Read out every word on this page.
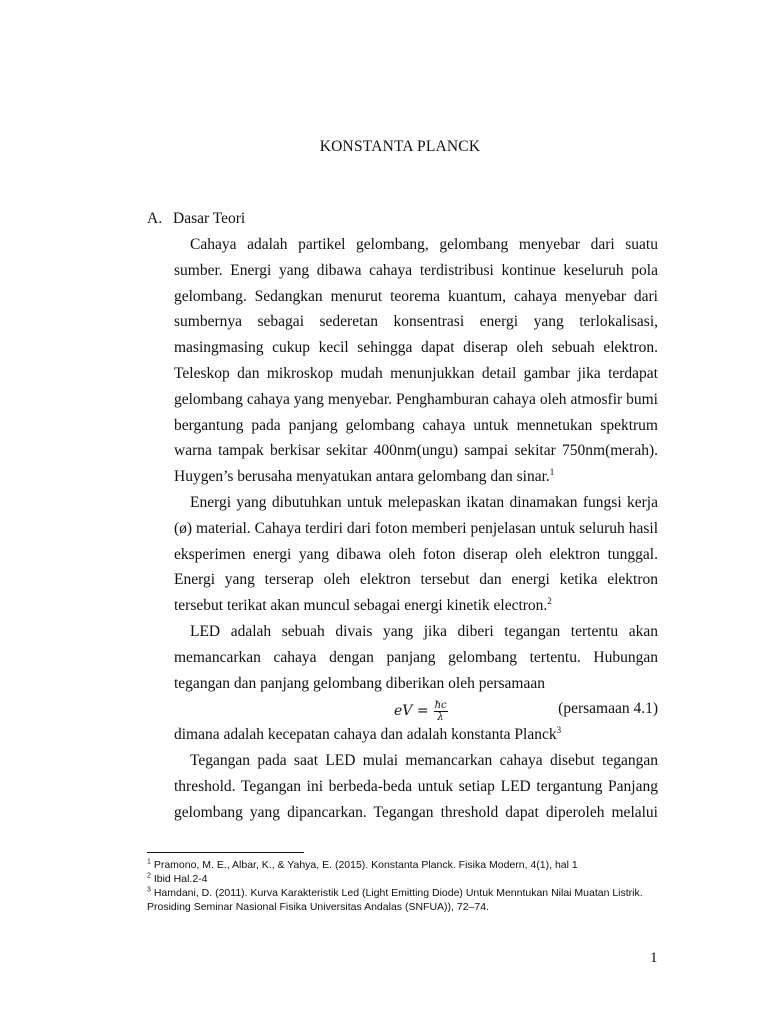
KONSTANTA PLANCK
A. Dasar Teori

Cahaya adalah partikel gelombang, gelombang menyebar dari suatu sumber. Energi yang dibawa cahaya terdistribusi kontinue keseluruh pola gelombang. Sedangkan menurut teorema kuantum, cahaya menyebar dari sumbernya sebagai sederetan konsentrasi energi yang terlokalisasi, masingmasing cukup kecil sehingga dapat diserap oleh sebuah elektron. Teleskop dan mikroskop mudah menunjukkan detail gambar jika terdapat gelombang cahaya yang menyebar. Penghamburan cahaya oleh atmosfir bumi bergantung pada panjang gelombang cahaya untuk mennetukan spektrum warna tampak berkisar sekitar 400nm(ungu) sampai sekitar 750nm(merah). Huygen’s berusaha menyatukan antara gelombang dan sinar.$^1$

Energi yang dibutuhkan untuk melepaskan ikatan dinamakan fungsi kerja (ø) material. Cahaya terdiri dari foton memberi penjelasan untuk seluruh hasil eksperimen energi yang dibawa oleh foton diserap oleh elektron tunggal. Energi yang terserap oleh elektron tersebut dan energi ketika elektron tersebut terikat akan muncul sebagai energi kinetik electron.$^2$

LED adalah sebuah divais yang jika diberi tegangan tertentu akan memancarkan cahaya dengan panjang gelombang tertentu. Hubungan tegangan dan panjang gelombang diberikan oleh persamaan

eV = $\frac{ħc}{\lambda}$	(persamaan 4.1)

dimana adalah kecepatan cahaya dan adalah konstanta Planck$^3$

Tegangan pada saat LED mulai memancarkan cahaya disebut tegangan threshold. Tegangan ini berbeda-beda untuk setiap LED tergantung Panjang gelombang yang dipancarkan. Tegangan threshold dapat diperoleh melalui

$^1$ Pramono, M. E., Albar, K., & Yahya, E. (2015). Konstanta Planck. Fisika Modern, 4(1), hal 1
$^2$ Ibid Hal.2-4
$^3$ Hamdani, D. (2011). Kurva Karakteristik Led (Light Emitting Diode) Untuk Menntukan Nilai Muatan Listrik. Prosiding Seminar Nasional Fisika Universitas Andalas (SNFUA)), 72–74.
1
